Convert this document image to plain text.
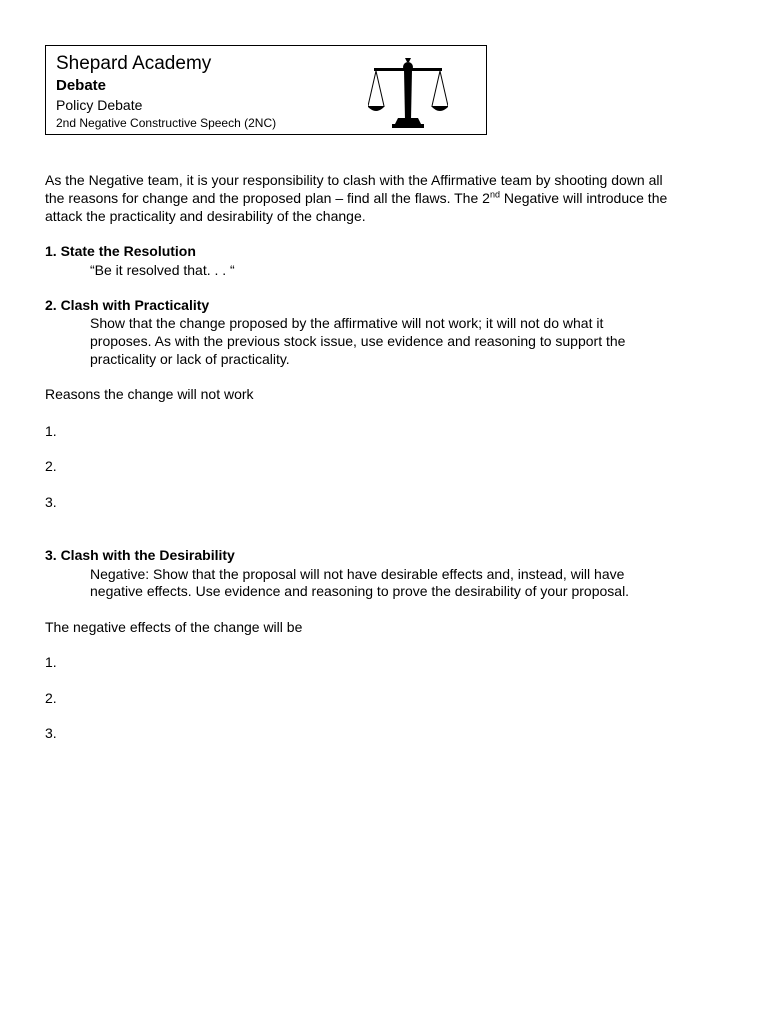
Shepard Academy
Debate
Policy Debate
2nd Negative Constructive Speech (2NC)
As the Negative team, it is your responsibility to clash with the Affirmative team by shooting down all
the reasons for change and the proposed plan – find all the flaws. The 2nd Negative will introduce the
attack the practicality and desirability of the change.
1. State the Resolution
“Be it resolved that. . . “
2. Clash with Practicality
Show that the change proposed by the affirmative will not work; it will not do what it
proposes. As with the previous stock issue, use evidence and reasoning to support the
practicality or lack of practicality.
Reasons the change will not work
1.
2.
3.
3. Clash with the Desirability
Negative: Show that the proposal will not have desirable effects and, instead, will have
negative effects. Use evidence and reasoning to prove the desirability of your proposal.
The negative effects of the change will be
1.
2.
3.
